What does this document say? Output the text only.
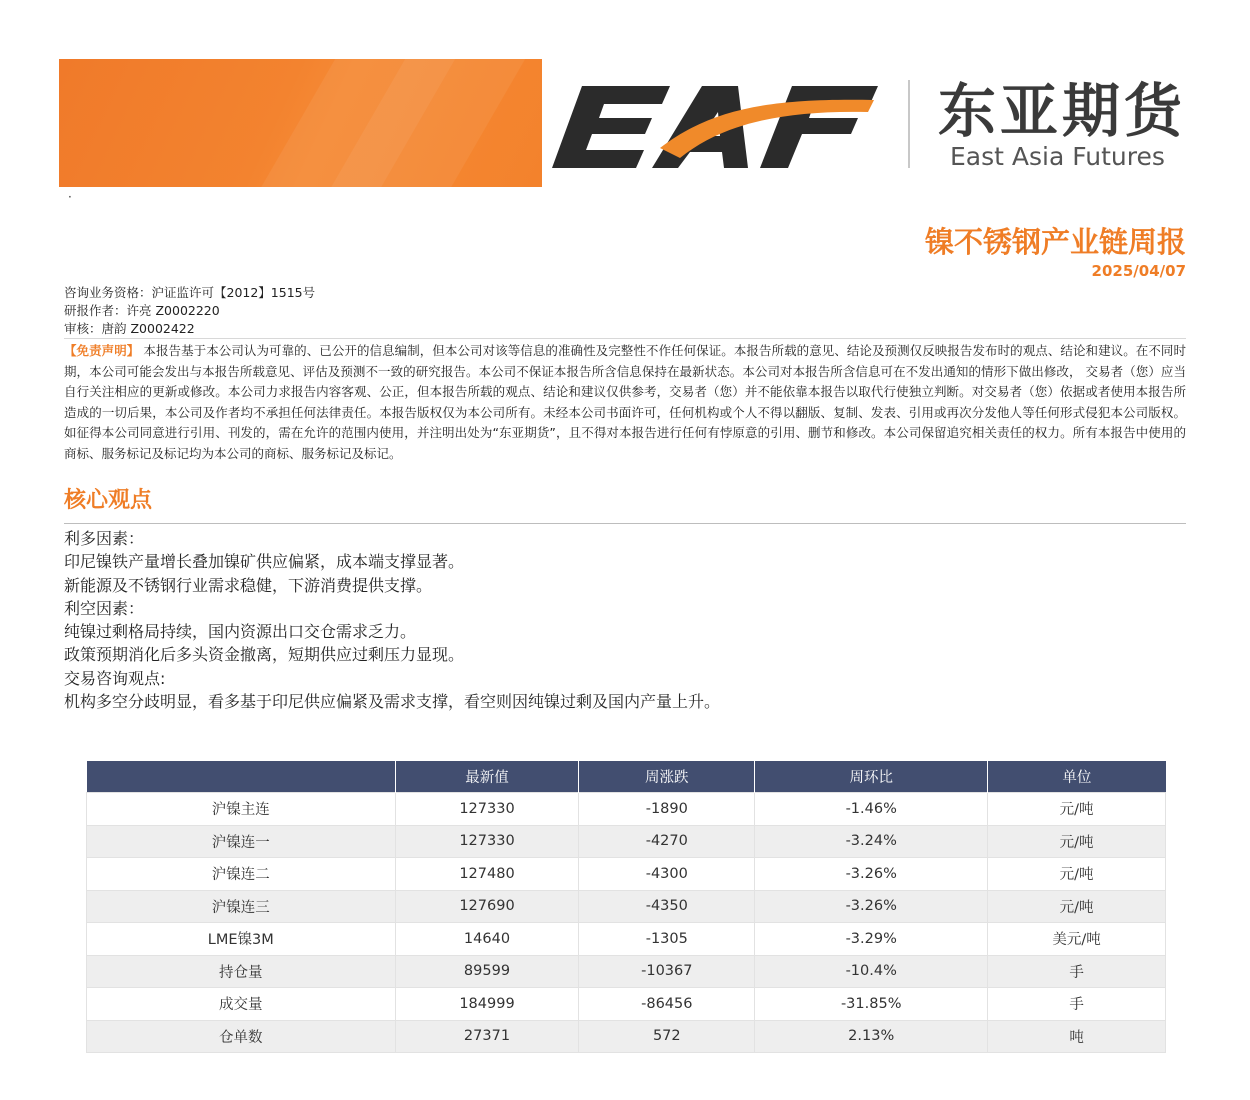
·
东亚期货
East Asia Futures
镍不锈钢产业链周报
2025/04/07
咨询业务资格：沪证监许可【2012】1515号
研报作者：许亮 Z0002220
审核：唐韵 Z0002422
【免责声明】 本报告基于本公司认为可靠的、已公开的信息编制，但本公司对该等信息的准确性及完整性不作任何保证。本报告所载的意见、结论及预测仅反映报告发布时的观点、结论和建议。在不同时期，本公司可能会发出与本报告所载意见、评估及预测不一致的研究报告。本公司不保证本报告所含信息保持在最新状态。本公司对本报告所含信息可在不发出通知的情形下做出修改， 交易者（您）应当自行关注相应的更新或修改。本公司力求报告内容客观、公正，但本报告所载的观点、结论和建议仅供参考，交易者（您）并不能依靠本报告以取代行使独立判断。对交易者（您）依据或者使用本报告所造成的一切后果，本公司及作者均不承担任何法律责任。本报告版权仅为本公司所有。未经本公司书面许可，任何机构或个人不得以翻版、复制、发表、引用或再次分发他人等任何形式侵犯本公司版权。如征得本公司同意进行引用、刊发的，需在允许的范围内使用，并注明出处为“东亚期货”，且不得对本报告进行任何有悖原意的引用、删节和修改。本公司保留追究相关责任的权力。所有本报告中使用的商标、服务标记及标记均为本公司的商标、服务标记及标记。
核心观点
利多因素：
印尼镍铁产量增长叠加镍矿供应偏紧，成本端支撑显著。
新能源及不锈钢行业需求稳健，下游消费提供支撑。
利空因素：
纯镍过剩格局持续，国内资源出口交仓需求乏力。
政策预期消化后多头资金撤离，短期供应过剩压力显现。
交易咨询观点:
机构多空分歧明显，看多基于印尼供应偏紧及需求支撑，看空则因纯镍过剩及国内产量上升。
	最新值	周涨跌	周环比	单位
沪镍主连	127330	-1890	-1.46%	元/吨
沪镍连一	127330	-4270	-3.24%	元/吨
沪镍连二	127480	-4300	-3.26%	元/吨
沪镍连三	127690	-4350	-3.26%	元/吨
LME镍3M	14640	-1305	-3.29%	美元/吨
持仓量	89599	-10367	-10.4%	手
成交量	184999	-86456	-31.85%	手
仓单数	27371	572	2.13%	吨
